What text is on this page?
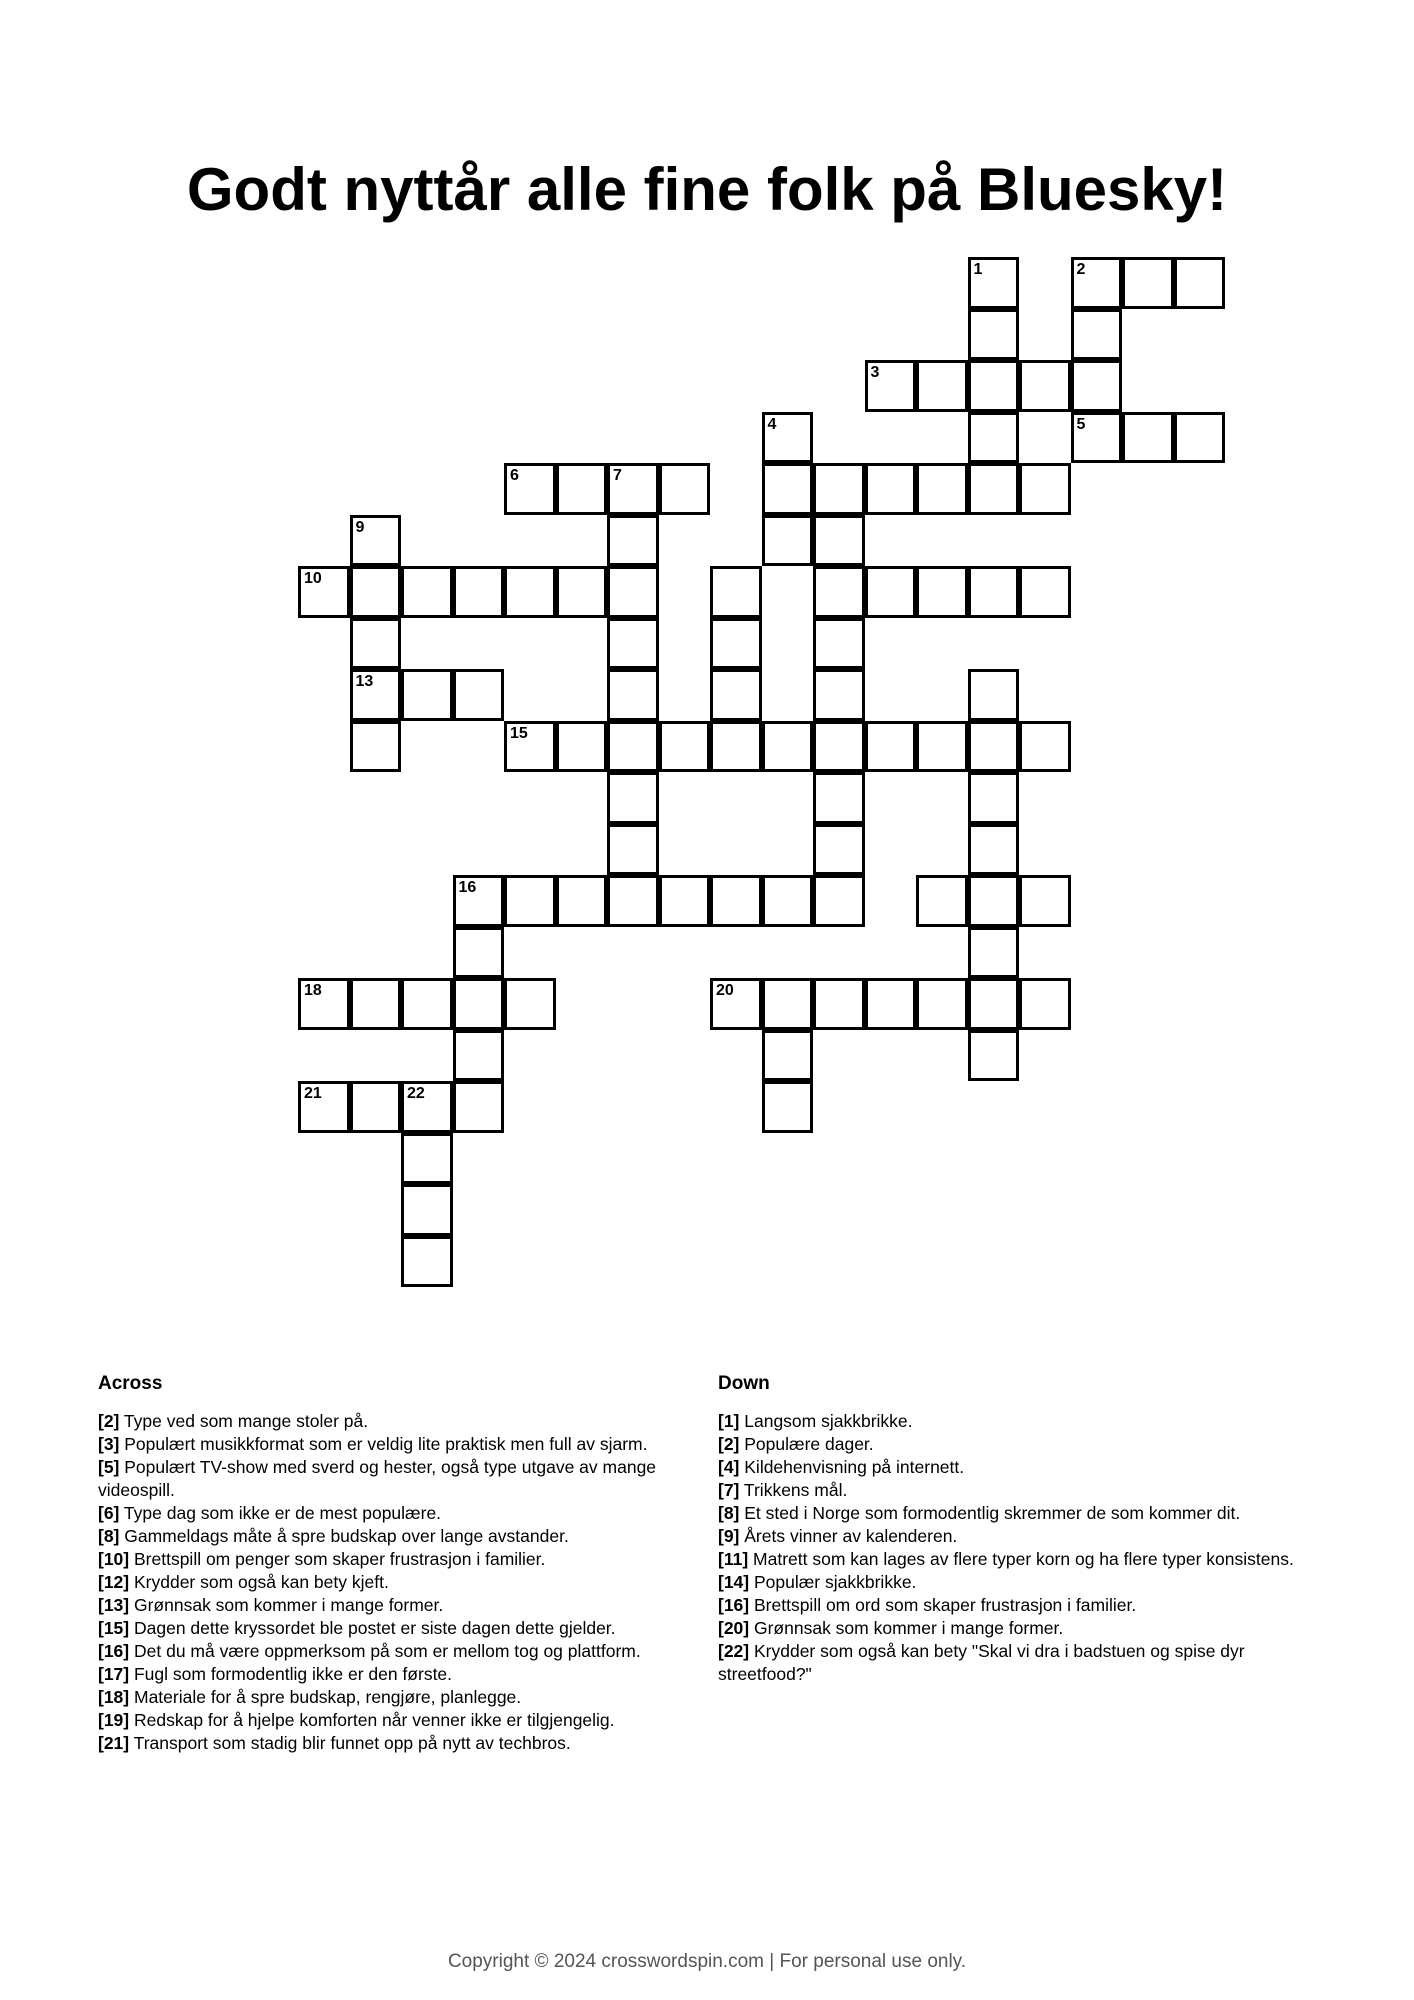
Godt nyttår alle fine folk på Bluesky!
1	2
3
4	5
6	7
9
10
13
15
16
18	20
21	22
Across
[2] Type ved som mange stoler på.
[3] Populært musikkformat som er veldig lite praktisk men full av sjarm.
[5] Populært TV-show med sverd og hester, også type utgave av mange videospill.
[6] Type dag som ikke er de mest populære.
[8] Gammeldags måte å spre budskap over lange avstander.
[10] Brettspill om penger som skaper frustrasjon i familier.
[12] Krydder som også kan bety kjeft.
[13] Grønnsak som kommer i mange former.
[15] Dagen dette kryssordet ble postet er siste dagen dette gjelder.
[16] Det du må være oppmerksom på som er mellom tog og plattform.
[17] Fugl som formodentlig ikke er den første.
[18] Materiale for å spre budskap, rengjøre, planlegge.
[19] Redskap for å hjelpe komforten når venner ikke er tilgjengelig.
[21] Transport som stadig blir funnet opp på nytt av techbros.
Down
[1] Langsom sjakkbrikke.
[2] Populære dager.
[4] Kildehenvisning på internett.
[7] Trikkens mål.
[8] Et sted i Norge som formodentlig skremmer de som kommer dit.
[9] Årets vinner av kalenderen.
[11] Matrett som kan lages av flere typer korn og ha flere typer konsistens.
[14] Populær sjakkbrikke.
[16] Brettspill om ord som skaper frustrasjon i familier.
[20] Grønnsak som kommer i mange former.
[22] Krydder som også kan bety "Skal vi dra i badstuen og spise dyr streetfood?"
Copyright © 2024 crosswordspin.com | For personal use only.
